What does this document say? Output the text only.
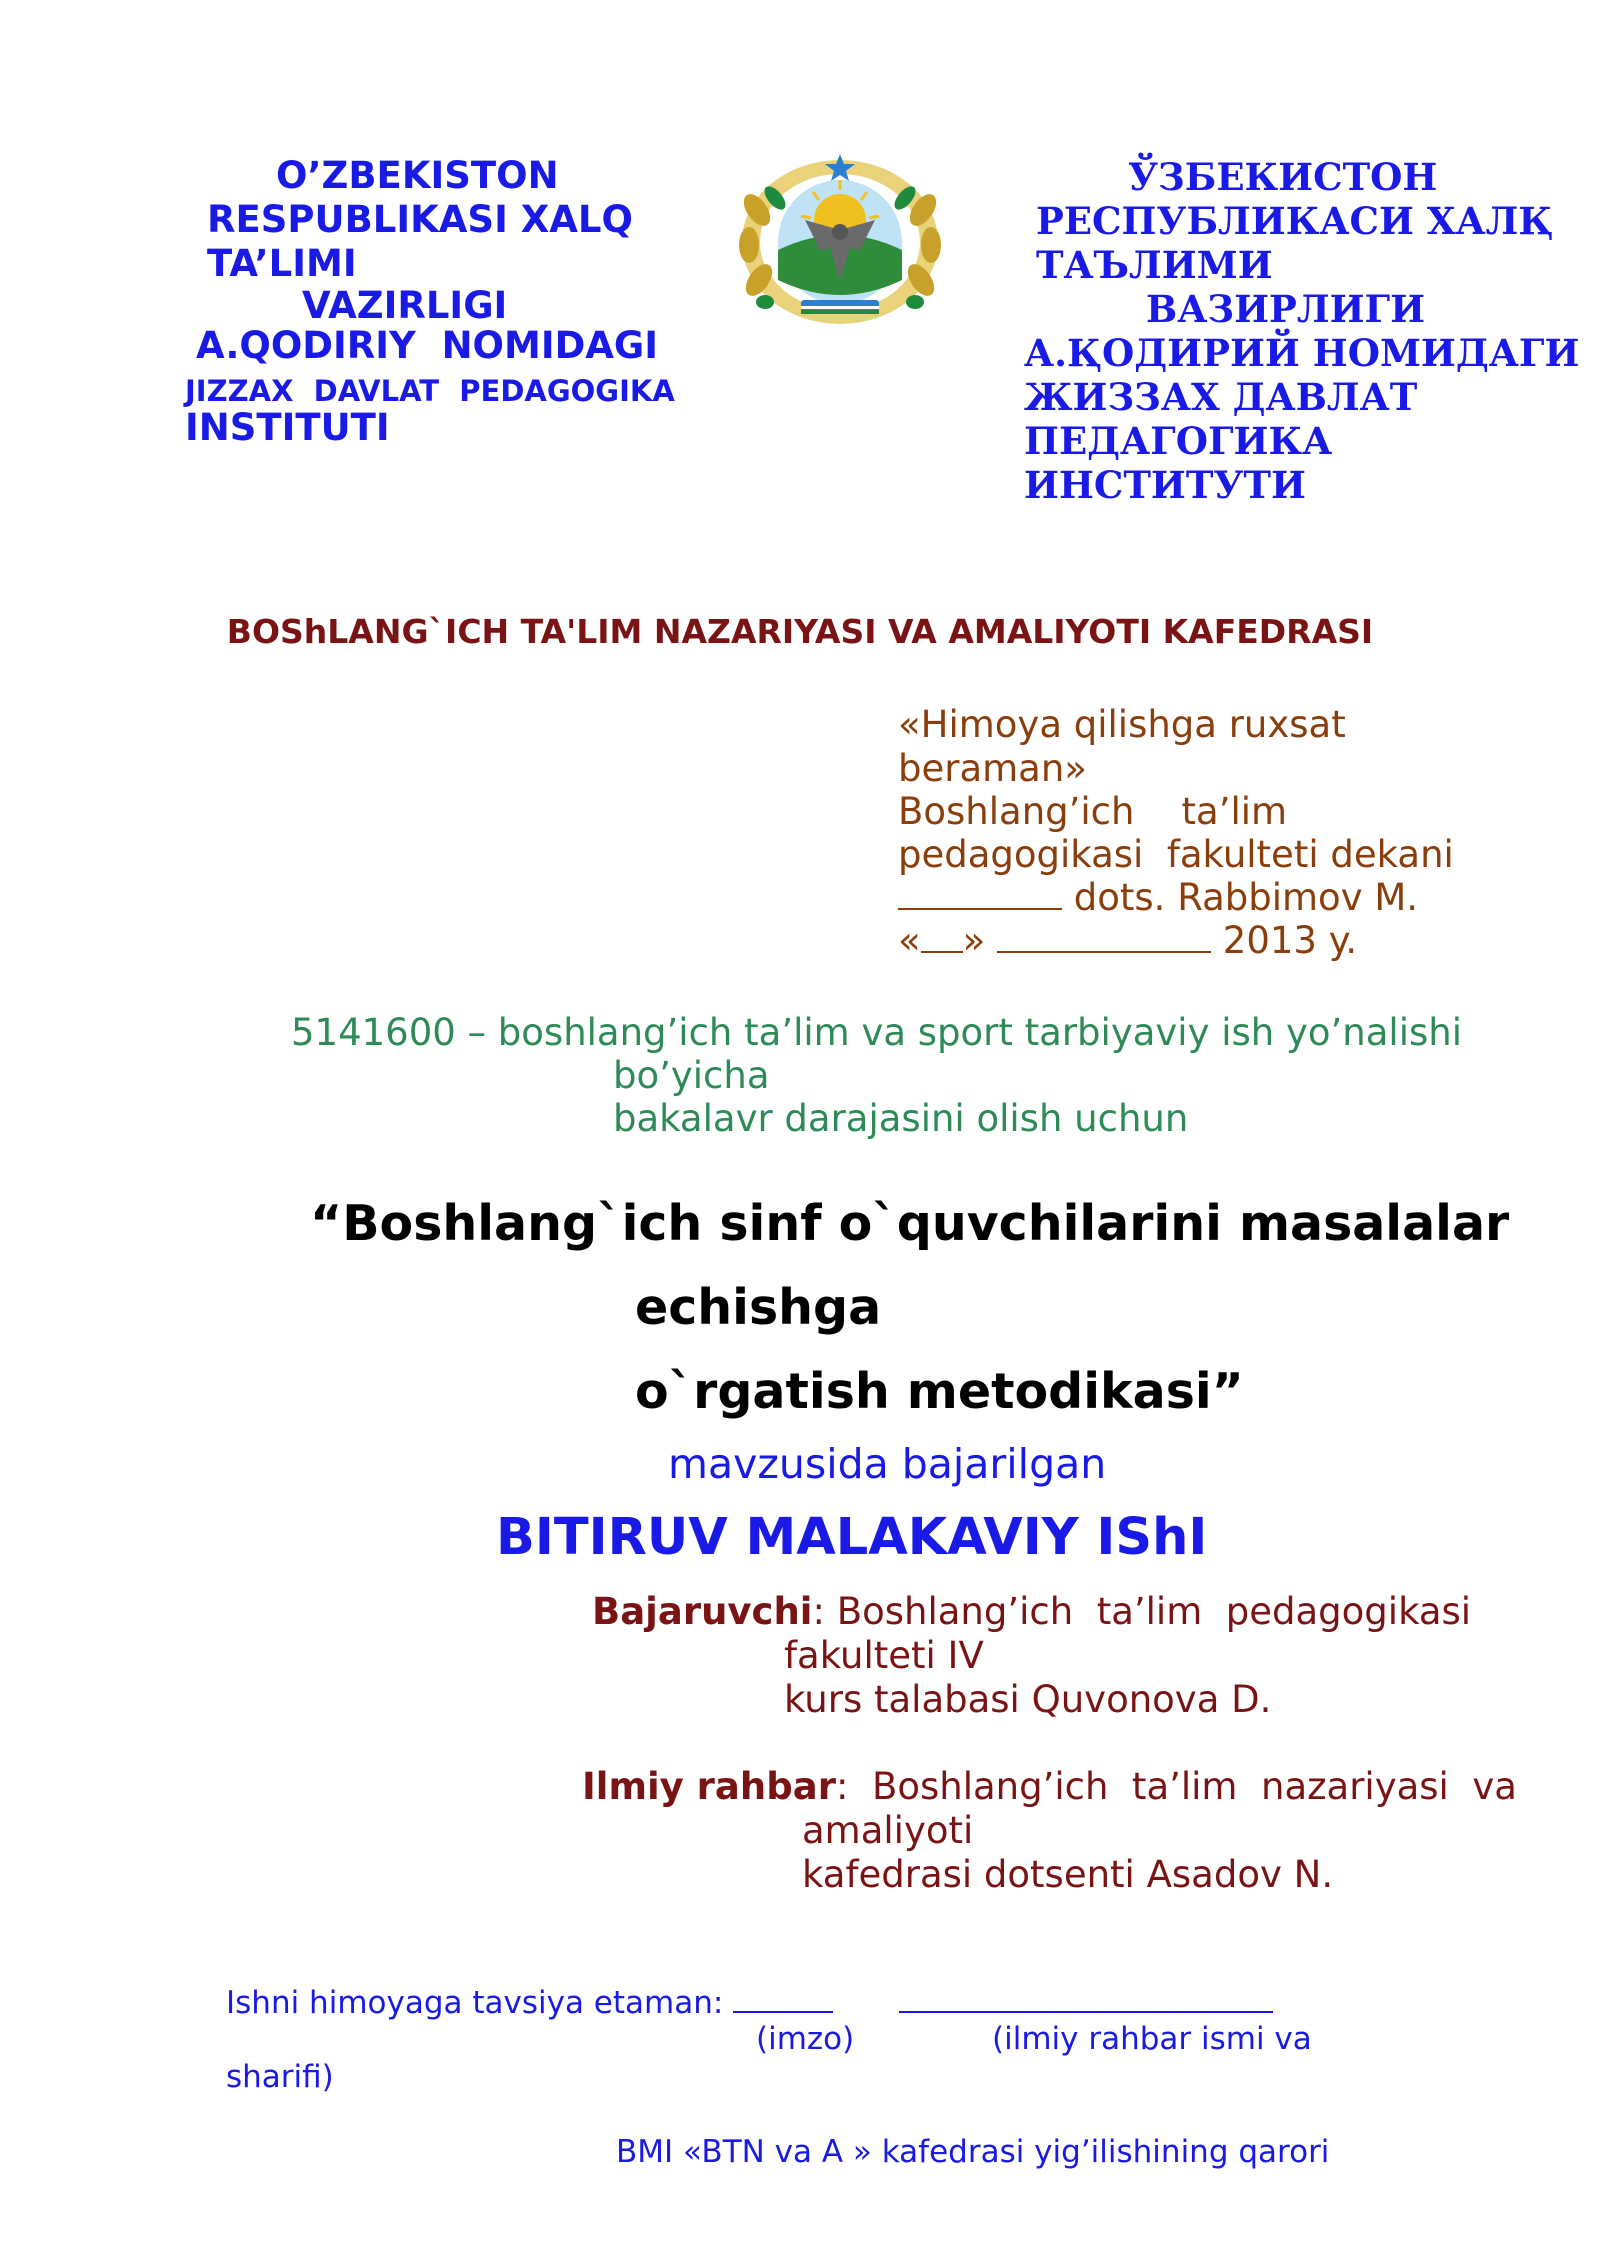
O’ZBEKISTON
RESPUBLIKASI XALQ
TA’LIMI
VAZIRLIGI
A.QODIRIY  NOMIDAGI
JIZZAX  DAVLAT  PEDAGOGIKA
INSTITUTI
ЎЗБЕКИСТОН
РЕСПУБЛИКАСИ ХАЛҚ
ТАЪЛИМИ
ВАЗИРЛИГИ
А.ҚОДИРИЙ НОМИДАГИ
ЖИЗЗАХ ДАВЛАТ
ПЕДАГОГИКА
ИНСТИТУТИ
BOShLANG`ICH TA'LIM NAZARIYASI VA AMALIYOTI KAFEDRASI
«Himoya qilishga ruxsat
beraman»
Boshlang’ich    ta’lim
pedagogikasi  fakulteti dekani
dots. Rabbimov M.
« »	2013 y.
5141600 – boshlang’ich ta’lim va sport tarbiyaviy ish yo’nalishi
bo’yicha
bakalavr darajasini olish uchun
“Boshlang`ich sinf o`quvchilarini masalalar
echishga
o`rgatish metodikasi”
mavzusida bajarilgan
BITIRUV MALAKAVIY IShI
Bajaruvchi: Boshlang’ich  ta’lim  pedagogikasi
fakulteti IV
kurs talabasi Quvonova D.
Ilmiy rahbar:  Boshlang’ich  ta’lim  nazariyasi  va
amaliyoti
kafedrasi dotsenti Asadov N.
Ishni himoyaga tavsiya etaman:
(imzo)	(ilmiy rahbar ismi va
sharifi)
BMI «BTN va A » kafedrasi yig’ilishining qarori
